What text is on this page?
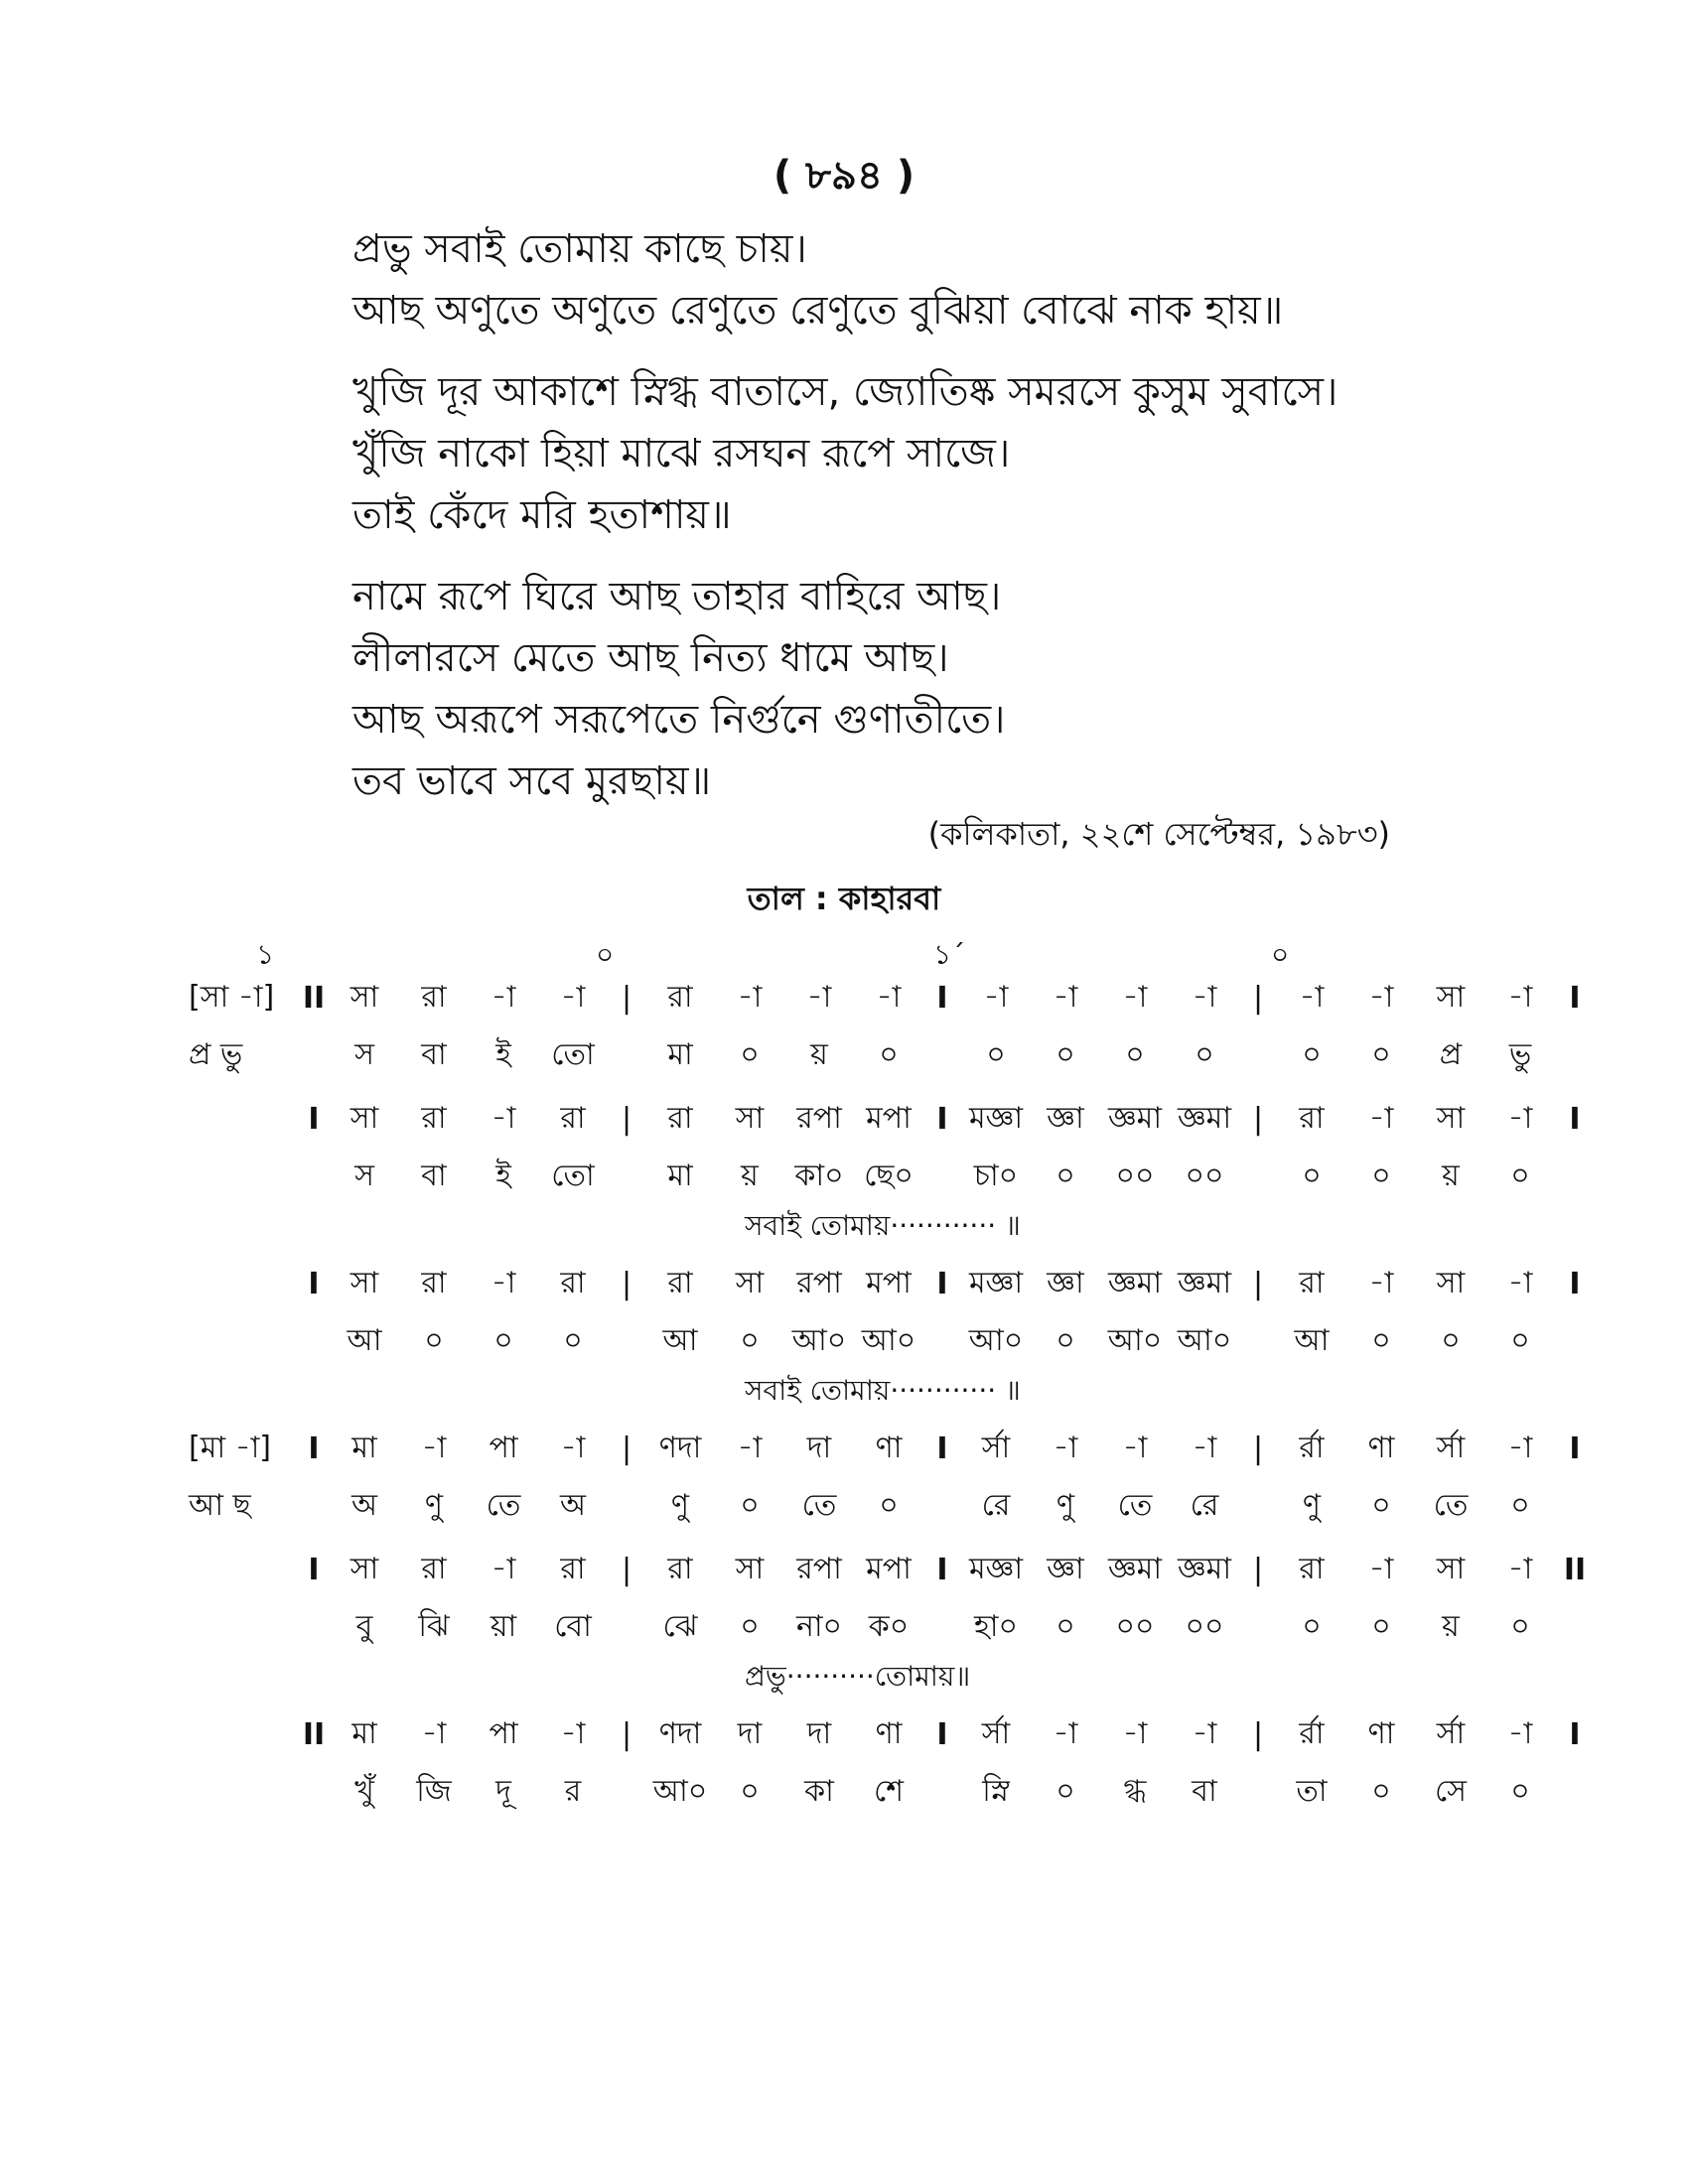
( ৮৯৪ )
প্রভু সবাই তোমায় কাছে চায়।
আছ অণুতে অণুতে রেণুতে রেণুতে বুঝিয়া বোঝে নাক হায়॥
খুজি দূর আকাশে স্নিগ্ধ বাতাসে, জ্যোতিষ্ক সমরসে কুসুম সুবাসে।
খুঁজি নাকো হিয়া মাঝে রসঘন রূপে সাজে।
তাই কেঁদে মরি হতাশায়॥
নামে রূপে ঘিরে আছ তাহার বাহিরে আছ।
লীলারসে মেতে আছ নিত্য ধামে আছ।
আছ অরূপে সরূপেতে নির্গুনে গুণাতীতে।
তব ভাবে সবে মুরছায়॥
(কলিকাতা, ২২শে সেপ্টেম্বর, ১৯৮৩)
তাল : কাহারবা
১	০	১´	০
[সা -া] II সা	রা	-া	-া	|	রা	-া	-া	-া	I	-া	-া	-া	-া	|	-া	-া	সা	-া	I
প্র ভু	স	বা	ই	তো	মা	০	য়	০	০	০	০	০	০	০	প্র	ভু
I	সা	রা	-া	রা	|	রা	সা	রপা মপা I মজ্ঞা জ্ঞা জ্ঞমা জ্ঞমা |	রা	-া	সা	-া	I
স	বা	ই	তো	মা	য়	কা০ ছে০	চা০	০	০০	০০	০	০	য়	০
সবাই তোমায়············ ॥
I	সা	রা	-া	রা	|	রা	সা	রপা মপা I মজ্ঞা জ্ঞা জ্ঞমা জ্ঞমা |	রা	-া	সা	-া	I
আ	০	০	০	আ	০	আ০ আ০ আ০	০	আ০ আ০	আ	০	০	০
সবাই তোমায়············ ॥
[মা -া]	I	মা	-া	পা	-া	| ণদা	-া	দা	ণা	I	র্সা	-া	-া	-া	|	র্রা	ণা	র্সা	-া	I
আ ছ	অ	ণু	তে	অ	ণু	০	তে	০	রে	ণু	তে	রে	ণু	০	তে	০
I	সা	রা	-া	রা	|	রা	সা	রপা মপা I মজ্ঞা জ্ঞা জ্ঞমা জ্ঞমা |	রা	-া	সা	-া	II
বু	ঝি	য়া	বো	ঝে	০	না০ ক০	হা০	০	০০	০০	০	০	য়	০
প্রভু··········তোমায়॥
II মা	-া	পা	-া	| ণদা	দা	দা	ণা	I	র্সা	-া	-া	-া	|	র্রা	ণা	র্সা	-া	I
খুঁ	জি	দূ	র	আ০	০	কা	শে	স্নি	০	গ্ধ	বা	তা	০	সে	০
